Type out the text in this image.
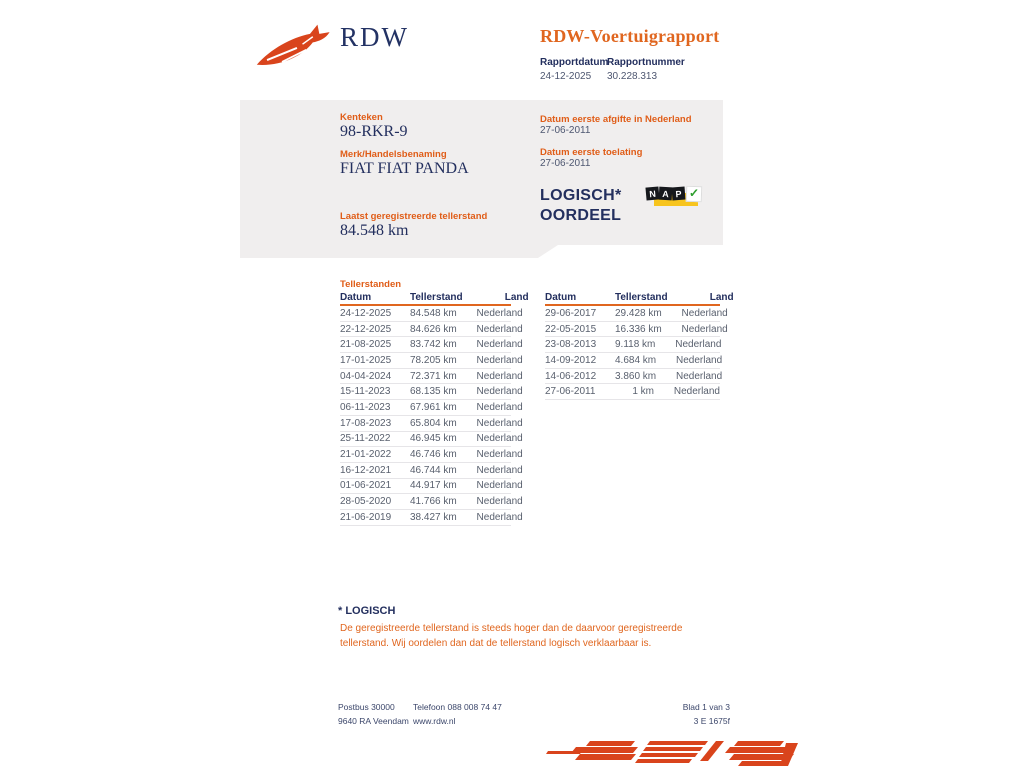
RDW	RDW-Voertuigrapport
Rapportdatum
24-12-2025
Rapportnummer
30.228.313
Kenteken
98-RKR-9
Merk/Handelsbenaming
FIAT FIAT PANDA
Laatst geregistreerde tellerstand
84.548 km
Datum eerste afgifte in Nederland
27-06-2011
Datum eerste toelating
27-06-2011
LOGISCH*
OORDEEL
N A P ✓
Tellerstanden
Datum	Tellerstand	Land
24-12-2025	84.548 km	Nederland
22-12-2025	84.626 km	Nederland
21-08-2025	83.742 km	Nederland
17-01-2025	78.205 km	Nederland
04-04-2024	72.371 km	Nederland
15-11-2023	68.135 km	Nederland
06-11-2023	67.961 km	Nederland
17-08-2023	65.804 km	Nederland
25-11-2022	46.945 km	Nederland
21-01-2022	46.746 km	Nederland
16-12-2021	46.744 km	Nederland
01-06-2021	44.917 km	Nederland
28-05-2020	41.766 km	Nederland
21-06-2019	38.427 km	Nederland
Datum	Tellerstand	Land
29-06-2017	29.428 km	Nederland
22-05-2015	16.336 km	Nederland
23-08-2013	9.118 km	Nederland
14-09-2012	4.684 km	Nederland
14-06-2012	3.860 km	Nederland
27-06-2011	1 km	Nederland
* LOGISCH
De geregistreerde tellerstand is steeds hoger dan de daarvoor geregistreerde tellerstand. Wij oordelen dan dat de tellerstand logisch verklaarbaar is.
Postbus 30000
9640 RA Veendam
Telefoon 088 008 74 47
www.rdw.nl
Blad 1 van 3
3 E 1675f
